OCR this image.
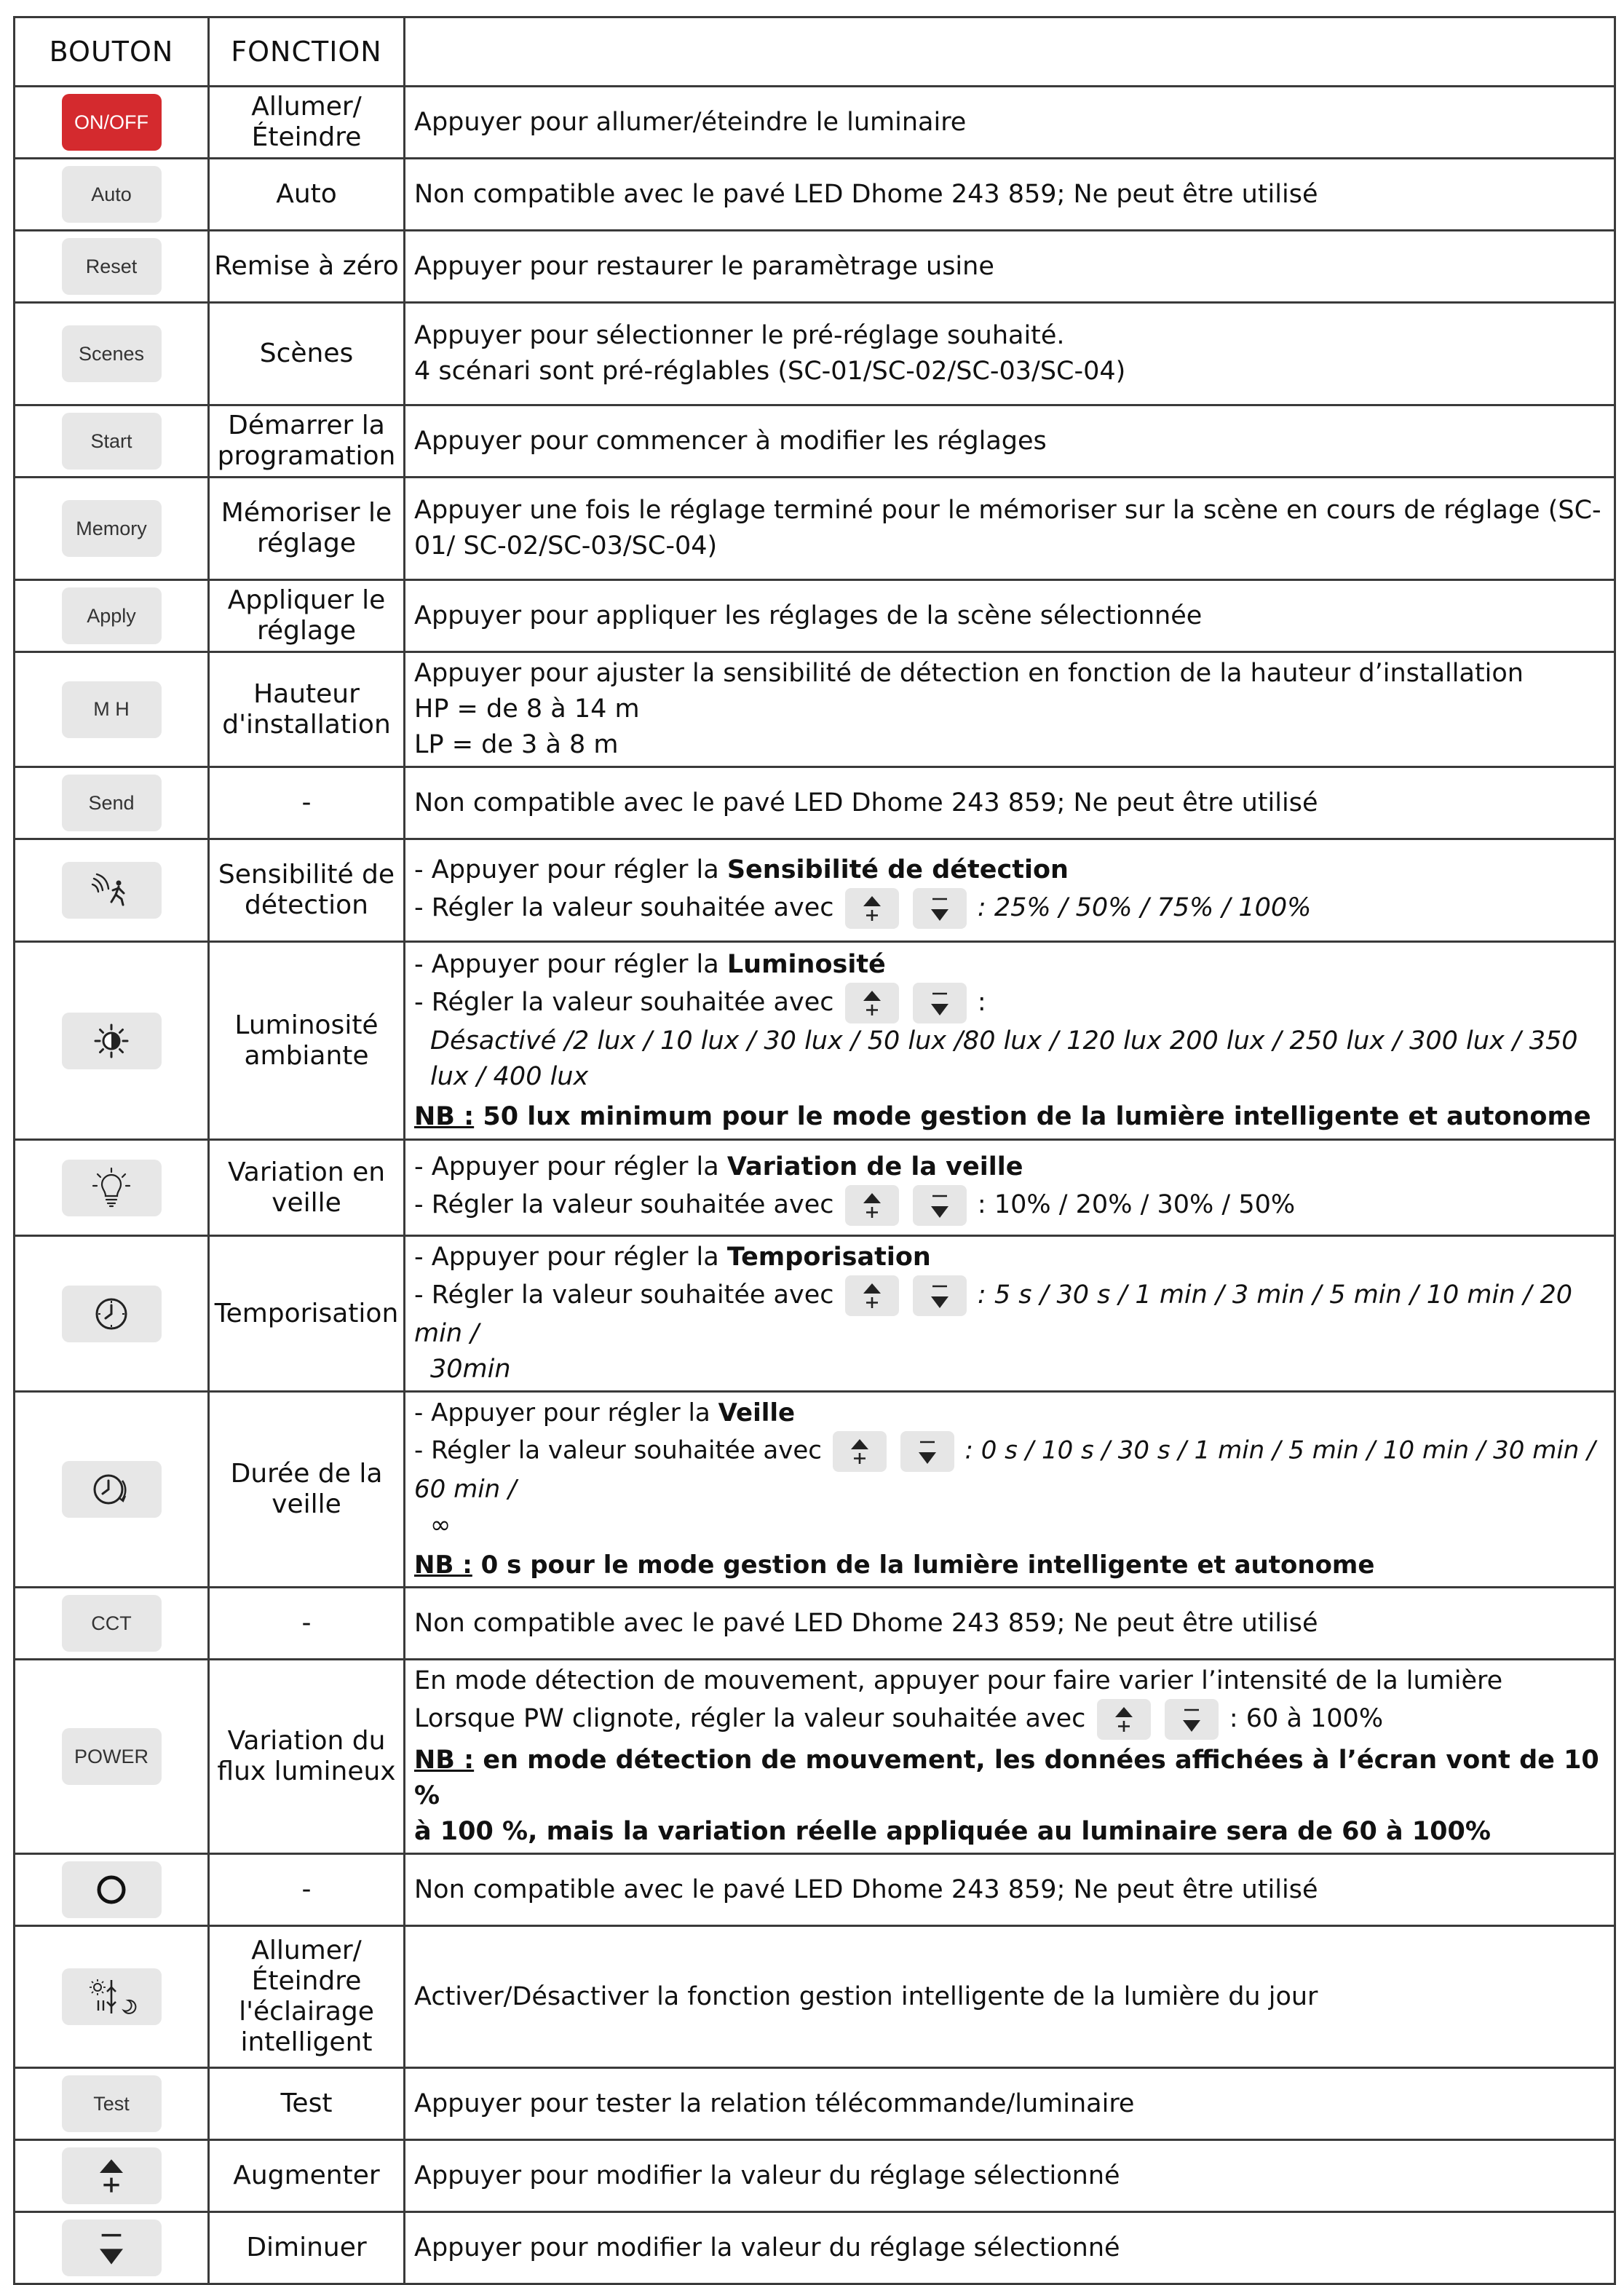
BOUTON	FONCTION	
ON/OFF	Allumer/ Éteindre	Appuyer pour allumer/éteindre le luminaire
Auto	Auto	Non compatible avec le pavé LED Dhome 243 859; Ne peut être utilisé
Reset	Remise à zéro	Appuyer pour restaurer le paramètrage usine
Scenes	Scènes	Appuyer pour sélectionner le pré-réglage souhaité.
4 scénari sont pré-réglables (SC-01/SC-02/SC-03/SC-04)

Start	Démarrer la programation	Appuyer pour commencer à modifier les réglages
Memory	Mémoriser le réglage	Appuyer une fois le réglage terminé pour le mémoriser sur la scène en cours de réglage (SC-01/ SC-02/SC-03/SC-04)
Apply	Appliquer le réglage	Appuyer pour appliquer les réglages de la scène sélectionnée
M H	Hauteur d'installation	Appuyer pour ajuster la sensibilité de détection en fonction de la hauteur d’installation
HP = de 8 à 14 m
LP = de 3 à 8 m

Send	-	Non compatible avec le pavé LED Dhome 243 859; Ne peut être utilisé

	Sensibilité de détection	- Appuyer pour régler la Sensibilité de détection
- Régler la valeur souhaitée avec
: 25% / 50% / 75% / 100%

	Luminosité ambiante	- Appuyer pour régler la Luminosité
- Régler la valeur souhaitée avec
:
Désactivé /2 lux / 10 lux / 30 lux / 50 lux /80 lux / 120 lux 200 lux / 250 lux / 300 lux / 350 lux / 400 lux
NB : 50 lux minimum pour le mode gestion de la lumière intelligente et autonome

	Variation en veille	- Appuyer pour régler la Variation de la veille
- Régler la valeur souhaitée avec
: 10% / 20% / 30% / 50%

	Temporisation	- Appuyer pour régler la Temporisation
- Régler la valeur souhaitée avec
: 5 s / 30 s / 1 min / 3 min / 5 min / 10 min / 20 min /
30min

	Durée de la veille	- Appuyer pour régler la Veille
- Régler la valeur souhaitée avec
: 0 s / 10 s / 30 s / 1 min / 5 min / 10 min / 30 min / 60 min /
∞
NB : 0 s pour le mode gestion de la lumière intelligente et autonome

CCT	-	Non compatible avec le pavé LED Dhome 243 859; Ne peut être utilisé
POWER	Variation du flux lumineux	En mode détection de mouvement, appuyer pour faire varier l’intensité de la lumière
Lorsque PW clignote, régler la valeur souhaitée avec
: 60 à 100%
NB : en mode détection de mouvement, les données affichées à l’écran vont de 10 %
à 100 %, mais la variation réelle appliquée au luminaire sera de 60 à 100%

	-	Non compatible avec le pavé LED Dhome 243 859; Ne peut être utilisé

	Allumer/ Éteindre l'éclairage intelligent	Activer/Désactiver la fonction gestion intelligente de la lumière du jour
Test	Test	Appuyer pour tester la relation télécommande/luminaire

	Augmenter	Appuyer pour modifier la valeur du réglage sélectionné

	Diminuer	Appuyer pour modifier la valeur du réglage sélectionné
